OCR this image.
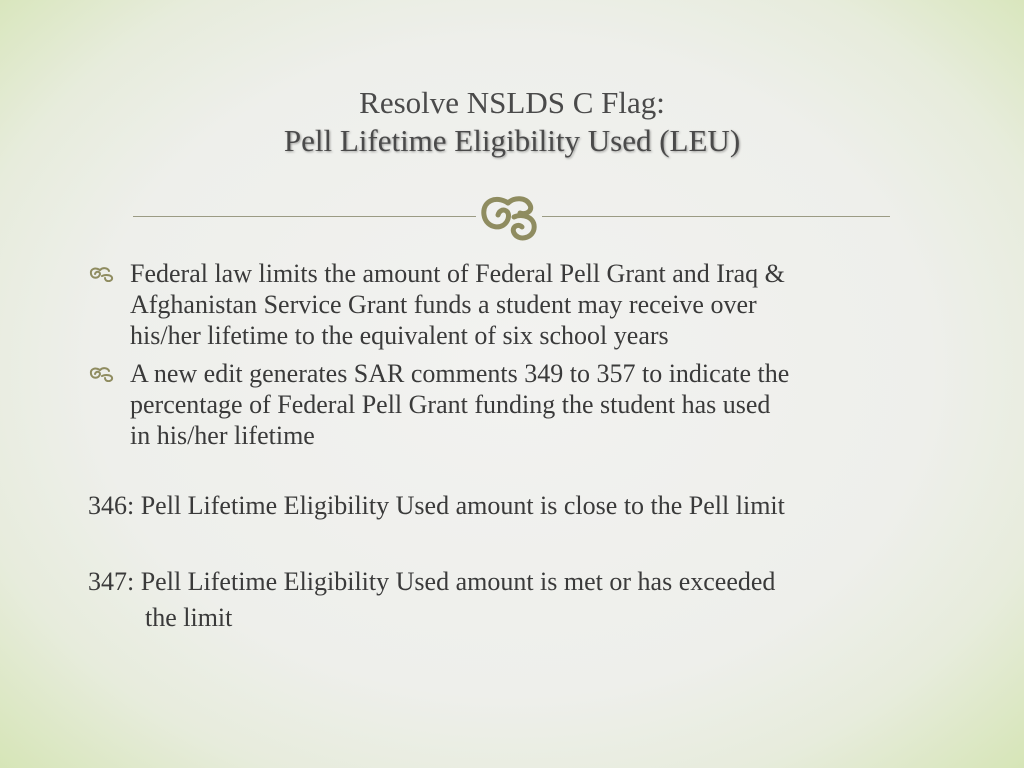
Resolve NSLDS C Flag:
Pell Lifetime Eligibility Used (LEU)
Federal law limits the amount of Federal Pell Grant and Iraq &
Afghanistan Service Grant funds a student may receive over
his/her lifetime to the equivalent of six school years
A new edit generates SAR comments 349 to 357 to indicate the
percentage of Federal Pell Grant funding the student has used
in his/her lifetime
346: Pell Lifetime Eligibility Used amount is close to the Pell limit
347: Pell Lifetime Eligibility Used amount is met or has exceeded
the limit
